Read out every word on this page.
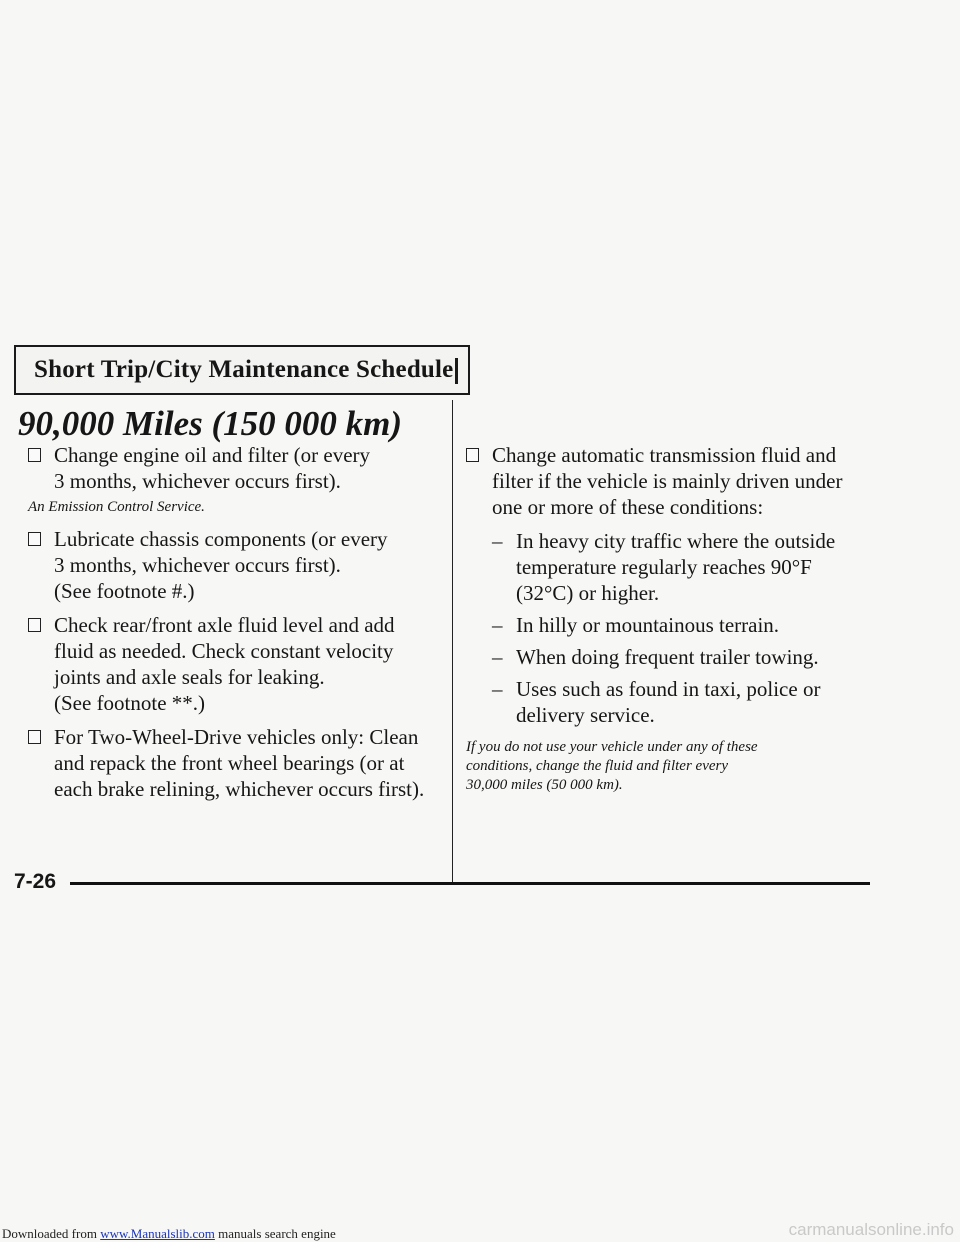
Short Trip/City Maintenance Schedule
90,000 Miles (150 000 km)
Change engine oil and filter (or every
3 months, whichever occurs first).
An Emission Control Service.
Lubricate chassis components (or every
3 months, whichever occurs first).
(See footnote #.)
Check rear/front axle fluid level and add
fluid as needed. Check constant velocity
joints and axle seals for leaking.
(See footnote **.)
For Two-Wheel-Drive vehicles only: Clean
and repack the front wheel bearings (or at
each brake relining, whichever occurs first).
Change automatic transmission fluid and
filter if the vehicle is mainly driven under
one or more of these conditions:
– In heavy city traffic where the outside
temperature regularly reaches 90°F
(32°C) or higher.
– In hilly or mountainous terrain.
– When doing frequent trailer towing.
– Uses such as found in taxi, police or
delivery service.
If you do not use your vehicle under any of these
conditions, change the fluid and filter every
30,000 miles (50 000 km).
7-26
Downloaded from www.Manualslib.com manuals search engine	carmanualsonline.info
